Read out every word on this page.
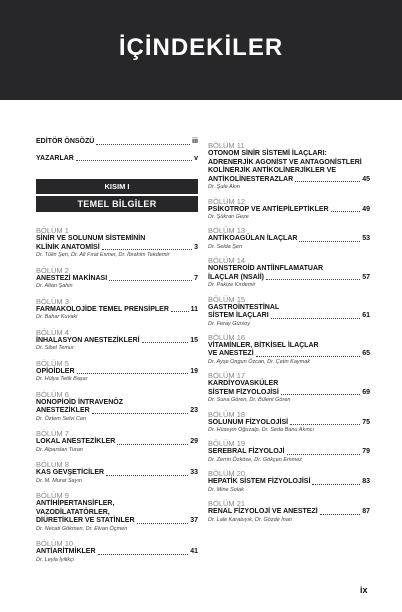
İÇİNDEKİLER
EDİTÖR ÖNSÖZÜ	iii
YAZARLAR	v
KISIM I
TEMEL BİLGİLER
BÖLÜM 1
SİNİR VE SOLUNUM SİSTEMİNİN
KLİNİK ANATOMİSİ	3
Dr. Tülin Şen, Dr. Ali Fırat Esmer, Dr. İbrahim Tekdemir
BÖLÜM 2
ANESTEZİ MAKİNASI	7
Dr. Altan Şahin
BÖLÜM 3
FARMAKOLOJİDE TEMEL PRENSİPLER	11
Dr. Bahar Kuvaki
BÖLÜM 4
İNHALASYON ANESTEZİKLERİ	15
Dr. Sibel Temur
BÖLÜM 5
OPİOİDLER	19
Dr. Hülya Tetik Başar
BÖLÜM 6
NONOPİOİD İNTRAVENÖZ
ANESTEZİKLER	23
Dr. Öztem Selvi Can
BÖLÜM 7
LOKAL ANESTEZİKLER	29
Dr. Alparslan Turan
BÖLÜM 8
KAS GEVŞETİCİLER	33
Dr. M. Murat Sayın
BÖLÜM 9
ANTİHİPERTANSİFLER,
VAZODİLATATÖRLER,
DİÜRETİKLER VE STATİNLER	37
Dr. Necati Gökmen, Dr. Elvan Öçmen
BÖLÜM 10
ANTİARİTMİKLER	41
Dr. Leyla İyilikçi
BÖLÜM 11
OTONOM SİNİR SİSTEMİ İLAÇLARI:
ADRENERJİK AGONİST VE ANTAGONİSTLERİ
KOLİNERJİK ANTİKOLİNERJİKLER VE
ANTİKOLİNESTERAZLAR	45
Dr. Şule Akın
BÖLÜM 12
PSİKOTROP VE ANTİEPİLEPTİKLER	49
Dr. Şükran Geze
BÖLÜM 13
ANTİKOAGÜLAN İLAÇLAR	53
Dr. Selda Şen
BÖLÜM 14
NONSTEROİD ANTİİNFLAMATUAR
İLAÇLAR (NSAİİ)	57
Dr. Pakize Kırdemir
BÖLÜM 15
GASTROİNTESTİNAL
SİSTEM İLAÇLARI	61
Dr. Feray Gürsoy
BÖLÜM 16
VİTAMİNLER, BİTKİSEL İLAÇLAR
VE ANESTEZİ	65
Dr. Ayşe Ongun Özcan, Dr. Çetin Kaymak
BÖLÜM 17
KARDİYOVASKÜLER
SİSTEM FİZYOLOJİSİ	69
Dr. Suna Gören, Dr. Bülent Gören
BÖLÜM 18
SOLUNUM FİZYOLOJİSİ	75
Dr. Hüseyin Oğuzalp, Dr. Seda Banu Akıncı
BÖLÜM 19
SEREBRAL FİZYOLOJİ	79
Dr. Zerrin Özköse, Dr. Gökçen Emmez
BÖLÜM 20
HEPATİK SİSTEM FİZYOLOJİSİ	83
Dr. Mine Solak
BÖLÜM 21
RENAL FİZYOLOJİ VE ANESTEZİ	87
Dr. Lale Karabıyık, Dr. Gözde İnan
ix
